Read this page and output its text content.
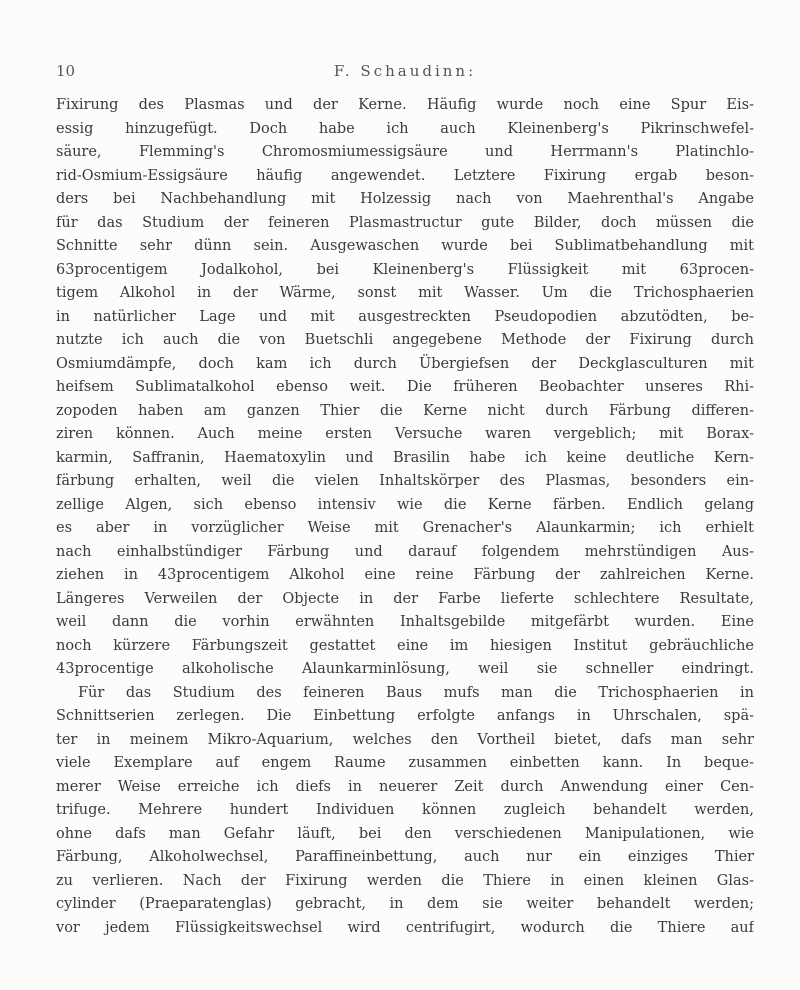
10	F. Schaudinn:
Fixirung des Plasmas und der Kerne. Häufig wurde noch eine Spur Eis-
essig hinzugefügt. Doch habe ich auch Kleinenberg's Pikrinschwefel-
säure, Flemming's Chromosmiumessigsäure und Herrmann's Platinchlo-
rid-Osmium-Essigsäure häufig angewendet. Letztere Fixirung ergab beson-
ders bei Nachbehandlung mit Holzessig nach von Maehrenthal's Angabe
für das Studium der feineren Plasmastructur gute Bilder, doch müssen die
Schnitte sehr dünn sein. Ausgewaschen wurde bei Sublimatbehandlung mit
63procentigem Jodalkohol, bei Kleinenberg's Flüssigkeit mit 63procen-
tigem Alkohol in der Wärme, sonst mit Wasser. Um die Trichosphaerien
in natürlicher Lage und mit ausgestreckten Pseudopodien abzutödten, be-
nutzte ich auch die von Buetschli angegebene Methode der Fixirung durch
Osmiumdämpfe, doch kam ich durch Übergiefsen der Deckglasculturen mit
heifsem Sublimatalkohol ebenso weit. Die früheren Beobachter unseres Rhi-
zopoden haben am ganzen Thier die Kerne nicht durch Färbung differen-
ziren können. Auch meine ersten Versuche waren vergeblich; mit Borax-
karmin, Saffranin, Haematoxylin und Brasilin habe ich keine deutliche Kern-
färbung erhalten, weil die vielen Inhaltskörper des Plasmas, besonders ein-
zellige Algen, sich ebenso intensiv wie die Kerne färben. Endlich gelang
es aber in vorzüglicher Weise mit Grenacher's Alaunkarmin; ich erhielt
nach einhalbstündiger Färbung und darauf folgendem mehrstündigen Aus-
ziehen in 43procentigem Alkohol eine reine Färbung der zahlreichen Kerne.
Längeres Verweilen der Objecte in der Farbe lieferte schlechtere Resultate,
weil dann die vorhin erwähnten Inhaltsgebilde mitgefärbt wurden. Eine
noch kürzere Färbungszeit gestattet eine im hiesigen Institut gebräuchliche
43procentige alkoholische Alaunkarminlösung, weil sie schneller eindringt.
Für das Studium des feineren Baus mufs man die Trichosphaerien in
Schnittserien zerlegen. Die Einbettung erfolgte anfangs in Uhrschalen, spä-
ter in meinem Mikro-Aquarium, welches den Vortheil bietet, dafs man sehr
viele Exemplare auf engem Raume zusammen einbetten kann. In beque-
merer Weise erreiche ich diefs in neuerer Zeit durch Anwendung einer Cen-
trifuge. Mehrere hundert Individuen können zugleich behandelt werden,
ohne dafs man Gefahr läuft, bei den verschiedenen Manipulationen, wie
Färbung, Alkoholwechsel, Paraffineinbettung, auch nur ein einziges Thier
zu verlieren. Nach der Fixirung werden die Thiere in einen kleinen Glas-
cylinder (Praeparatenglas) gebracht, in dem sie weiter behandelt werden;
vor jedem Flüssigkeitswechsel wird centrifugirt, wodurch die Thiere auf
